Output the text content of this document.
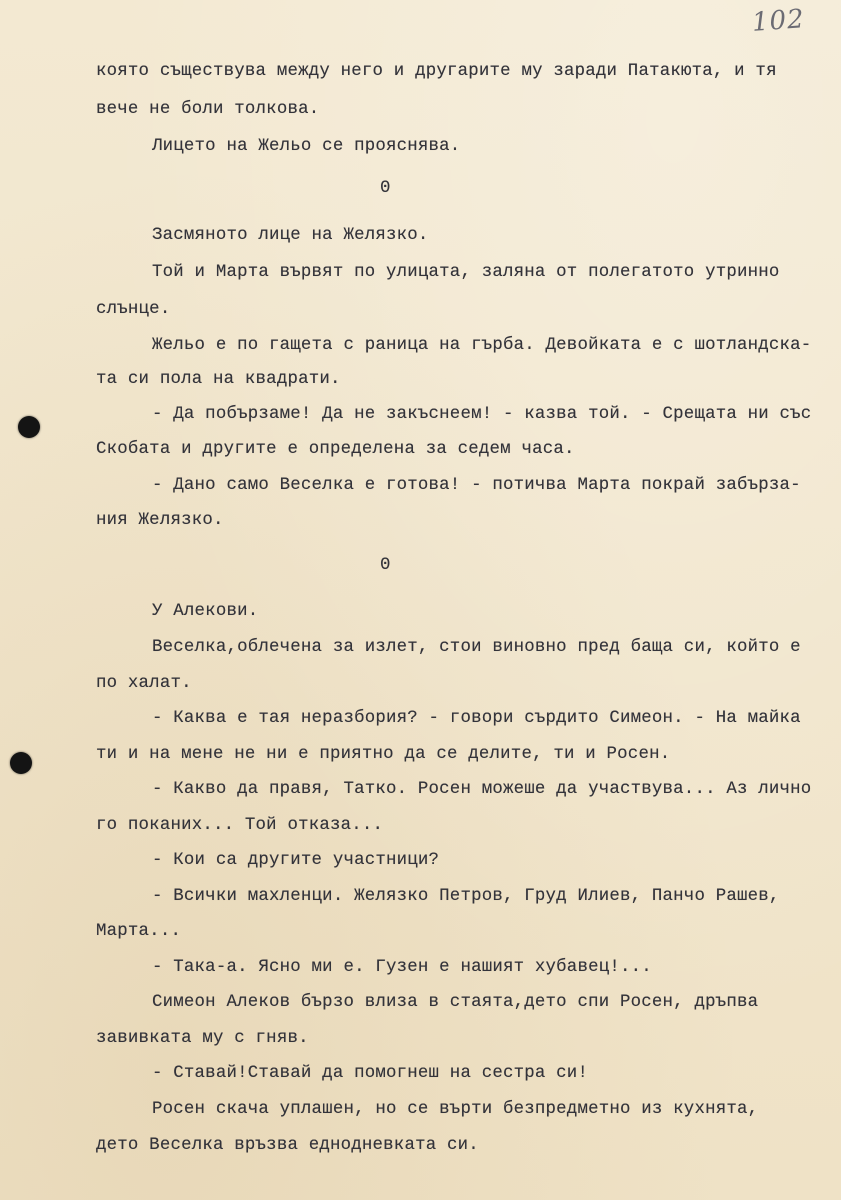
102
която съществува между него и другарите му заради Патакюта, и тя
вече не боли толкова.
Лицето на Жельо се прояснява.
0
Засмяното лице на Желязко.
Той и Марта вървят по улицата, заляна от полегатото утринно
слънце.
Жельо е по гащета с раница на гърба. Девойката е с шотландска-
та си пола на квадрати.
- Да побързаме! Да не закъснеем! - казва той. - Срещата ни със
Скобата и другите е определена за седем часа.
- Дано само Веселка е готова! - потичва Марта покрай забърза-
ния Желязко.
0
У Алекови.
Веселка,облечена за излет, стои виновно пред баща си, който е
по халат.
- Каква е тая неразбория? - говори сърдито Симеон. - На майка
ти и на мене не ни е приятно да се делите, ти и Росен.
- Какво да правя, Татко. Росен можеше да участвува... Аз лично
го поканих... Той отказа...
- Кои са другите участници?
- Всички махленци. Желязко Петров, Груд Илиев, Панчо Рашев,
Марта...
- Така-а. Ясно ми е. Гузен е нашият хубавец!...
Симеон Алеков бързо влиза в стаята,дето спи Росен, дръпва
завивката му с гняв.
- Ставай!Ставай да помогнеш на сестра си!
Росен скача уплашен, но се върти безпредметно из кухнята,
дето Веселка връзва еднодневката си.
